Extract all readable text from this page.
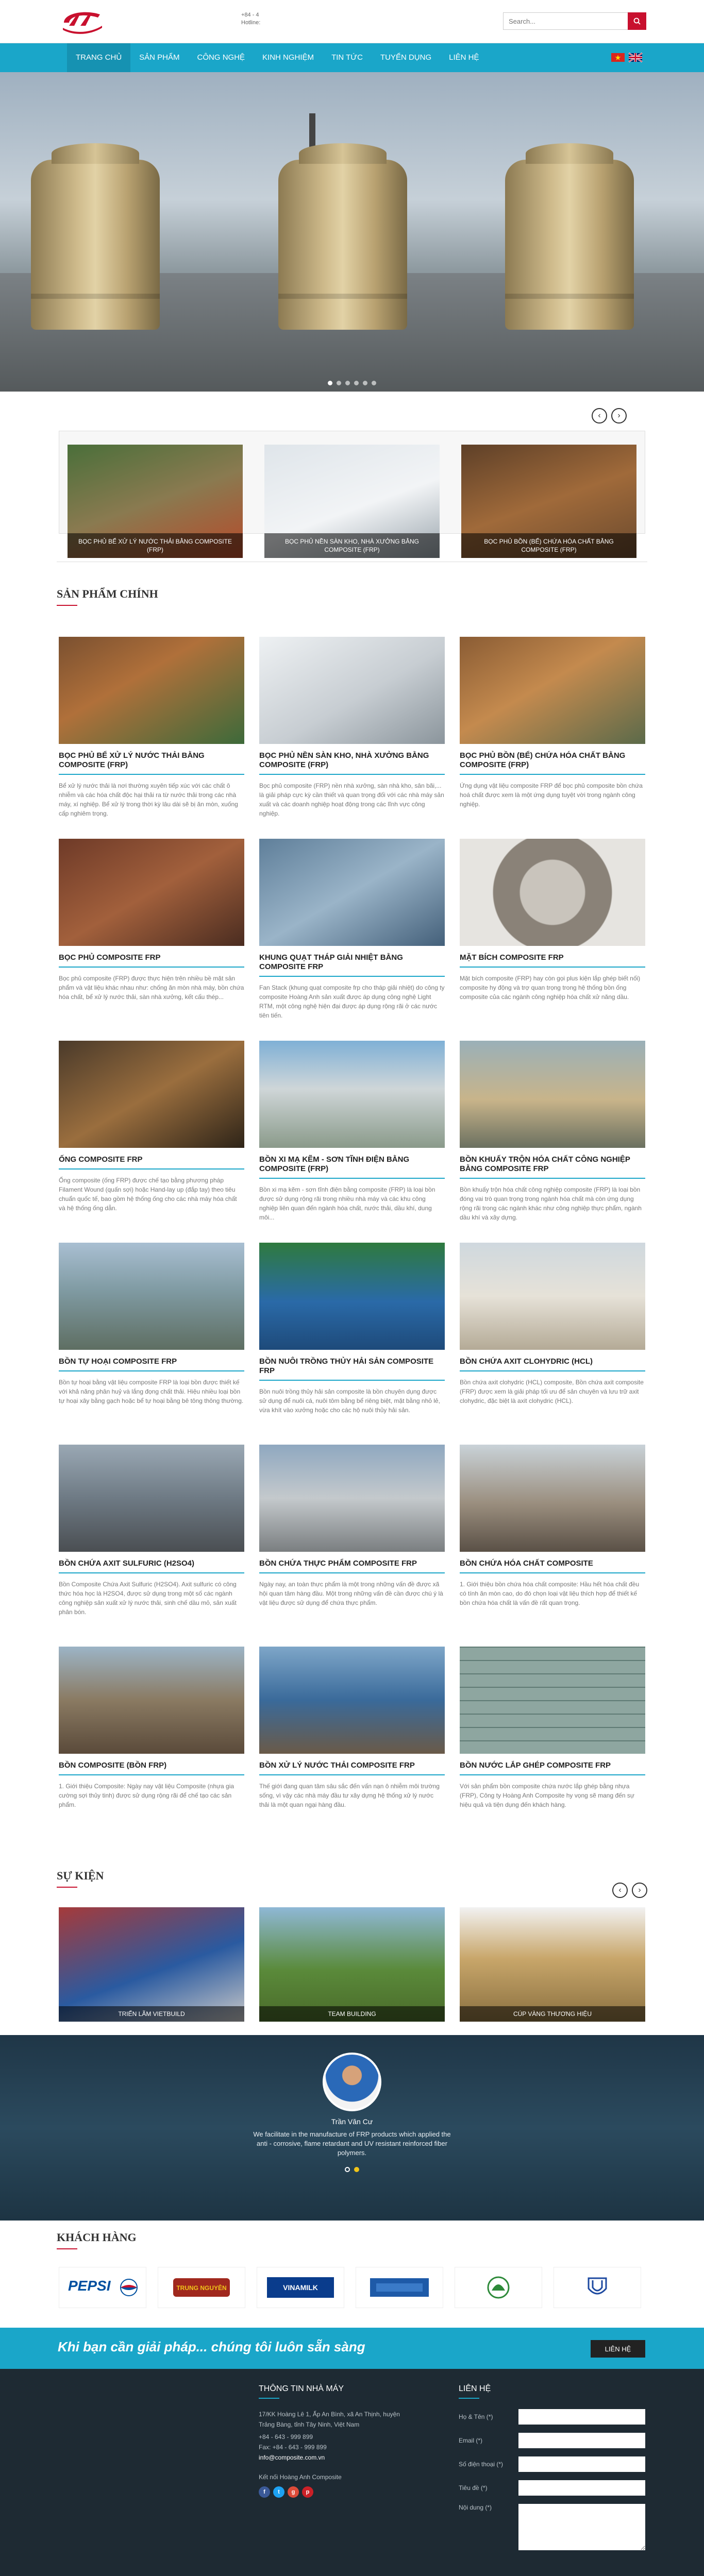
+84 - 4
Hotline:
Search...
TRANG CHỦ	SẢN PHẨM	CÔNG NGHỆ	KINH NGHIỆM	TIN TỨC	TUYỂN DỤNG	LIÊN HỆ
‹	›
BỌC PHỦ BỂ XỬ LÝ NƯỚC THẢI BẰNG COMPOSITE (FRP)
BỌC PHỦ NỀN SÀN KHO, NHÀ XƯỞNG BẰNG COMPOSITE (FRP)
BỌC PHỦ BỒN (BỂ) CHỨA HÓA CHẤT BẰNG COMPOSITE (FRP)
SẢN PHẨM CHÍNH
BỌC PHỦ BỂ XỬ LÝ NƯỚC THẢI BẰNG COMPOSITE (FRP)
Bể xử lý nước thải là nơi thường xuyên tiếp xúc với các chất ô nhiễm và các hóa chất độc hại thải ra từ nước thải trong các nhà máy, xí nghiệp. Bể xử lý trong thời kỳ lâu dài sẽ bị ăn mòn, xuống cấp nghiêm trọng.
BỌC PHỦ NỀN SÀN KHO, NHÀ XƯỞNG BẰNG COMPOSITE (FRP)
Bọc phủ composite (FRP) nền nhà xưởng, sàn nhà kho, sân bãi,... là giải pháp cực kỳ cần thiết và quan trọng đối với các nhà máy sản xuất và các doanh nghiệp hoạt động trong các lĩnh vực công nghiệp.
BỌC PHỦ BỒN (BỂ) CHỨA HÓA CHẤT BẰNG COMPOSITE (FRP)
Ứng dụng vật liệu composite FRP để bọc phủ composite bồn chứa hoá chất được xem là một ứng dụng tuyệt vời trong ngành công nghiệp.
BỌC PHỦ COMPOSITE FRP
Bọc phủ composite (FRP) được thực hiện trên nhiều bề mặt sản phẩm và vật liệu khác nhau như: chống ăn mòn nhà máy, bồn chứa hóa chất, bể xử lý nước thải, sàn nhà xưởng, kết cấu thép...
KHUNG QUẠT THÁP GIẢI NHIỆT BẰNG COMPOSITE FRP
Fan Stack (khung quạt composite frp cho tháp giải nhiệt) do công ty composite Hoàng Anh sản xuất được áp dụng công nghệ Light RTM, một công nghệ hiện đại được áp dụng rộng rãi ở các nước tiên tiến.
MẶT BÍCH COMPOSITE FRP
Mặt bích composite (FRP) hay còn gọi plus kiện lắp ghép biết nối) composite hy động và trợ quan trọng trong hệ thống bồn ống composite của các ngành công nghiệp hóa chất xử năng dầu.
ỐNG COMPOSITE FRP
Ống composite (ống FRP) được chế tạo bằng phương pháp Filament Wound (quấn sợi) hoặc Hand-lay up (đắp tay) theo tiêu chuẩn quốc tế, bao gồm hệ thống ống cho các nhà máy hóa chất và hệ thống ống dẫn.
BỒN XI MẠ KẼM - SƠN TĨNH ĐIỆN BẰNG COMPOSITE (FRP)
Bồn xi mạ kẽm - sơn tĩnh điện bằng composite (FRP) là loại bồn được sử dụng rộng rãi trong nhiều nhà máy và các khu công nghiệp liên quan đến ngành hóa chất, nước thải, dầu khí, dung môi...
BỒN KHUẤY TRỘN HÓA CHẤT CÔNG NGHIỆP BẰNG COMPOSITE FRP
Bồn khuấy trộn hóa chất công nghiệp composite (FRP) là loại bồn đóng vai trò quan trọng trong ngành hóa chất mà còn ứng dụng rộng rãi trong các ngành khác như công nghiệp thực phẩm, ngành dầu khí và xây dựng.
BỒN TỰ HOẠI COMPOSITE FRP
Bồn tự hoại bằng vật liệu composite FRP là loại bồn được thiết kế với khả năng phân huỷ và lắng đọng chất thải. Hiệu nhiều loại bồn tự hoại xây bằng gạch hoặc bể tự hoại bằng bê tông thông thường.
BỒN NUÔI TRỒNG THỦY HẢI SẢN COMPOSITE FRP
Bồn nuôi trồng thủy hải sản composite là bồn chuyên dụng được sử dụng để nuôi cá, nuôi tôm bằng bể riêng biệt, mặt bằng nhỏ lẻ, vừa khít vào xưởng hoặc cho các hộ nuôi thủy hải sản.
BỒN CHỨA AXIT CLOHYDRIC (HCL)
Bồn chứa axit clohydric (HCL) composite, Bồn chứa axit composite (FRP) được xem là giải pháp tối ưu để sản chuyên và lưu trữ axit clohydric, đặc biệt là axit clohydric (HCL).
BỒN CHỨA AXIT SULFURIC (H2SO4)
Bồn Composite Chứa Axit Sulfuric (H2SO4). Axit sulfuric có công thức hóa học là H2SO4, được sử dụng trong một số các ngành công nghiệp sản xuất xử lý nước thải, sinh chế dầu mỏ, sản xuất phân bón.
BỒN CHỨA THỰC PHẨM COMPOSITE FRP
Ngày nay, an toàn thực phẩm là một trong những vấn đề được xã hội quan tâm hàng đầu. Một trong những vấn đề cần được chú ý là vật liệu được sử dụng để chứa thực phẩm.
BỒN CHỨA HÓA CHẤT COMPOSITE
1. Giới thiệu bồn chứa hóa chất composite: Hầu hết hóa chất đều có tính ăn mòn cao, do đó chọn loại vật liệu thích hợp để thiết kế bồn chứa hóa chất là vấn đề rất quan trọng.
BỒN COMPOSITE (BỒN FRP)
1. Giới thiệu Composite: Ngày nay vật liệu Composite (nhựa gia cường sợi thủy tinh) được sử dụng rộng rãi để chế tạo các sản phẩm.
BỒN XỬ LÝ NƯỚC THẢI COMPOSITE FRP
Thế giới đang quan tâm sâu sắc đến vấn nạn ô nhiễm môi trường sống, vì vậy các nhà máy đầu tư xây dựng hệ thống xử lý nước thải là một quan ngại hàng đầu.
BỒN NƯỚC LẮP GHÉP COMPOSITE FRP
Với sản phẩm bồn composite chứa nước lắp ghép bằng nhựa (FRP), Công ty Hoàng Anh Composite hy vọng sẽ mang đến sự hiệu quả và tiện dụng đến khách hàng.
SỰ KIỆN
‹	›
TRIỂN LÃM VIETBUILD	TEAM BUILDING	CÚP VÀNG THƯƠNG HIỆU
Trần Văn Cư
We facilitate in the manufacture of FRP products which applied the anti - corrosive, flame retardant and UV resistant reinforced fiber polymers.
KHÁCH HÀNG
PEPSI	TRUNG NGUYÊN	VINAMILK
Khi bạn cần giải pháp... chúng tôi luôn sẵn sàng	LIÊN HỆ
THÔNG TIN NHÀ MÁY
17/KK Hoàng Lê 1, Ấp An Bình, xã An Thịnh, huyện Trảng Bàng, tỉnh Tây Ninh, Việt Nam
+84 - 643 - 999 899
Fax: +84 - 643 - 999 899
info@composite.com.vn
Kết nối Hoàng Anh Composite
f	t	g	p
LIÊN HỆ
Họ & Tên (*)
Email (*)
Số điện thoại (*)
Tiêu đề (*)
Nội dung (*)
